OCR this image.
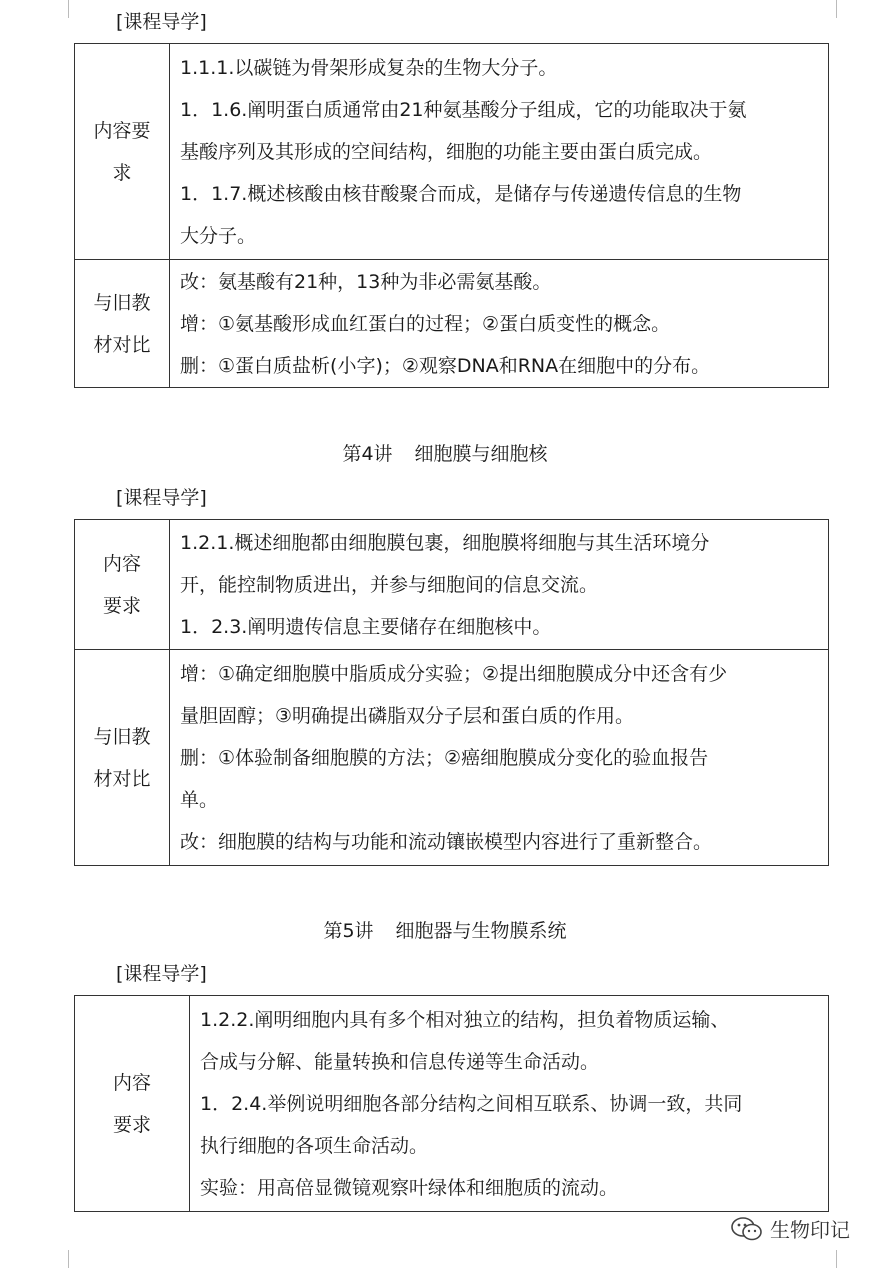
[课程导学]
内容要求	1.1.1.以碳链为骨架形成复杂的生物大分子。
1．1.6.阐明蛋白质通常由21种氨基酸分子组成，它的功能取决于氨
基酸序列及其形成的空间结构，细胞的功能主要由蛋白质完成。
1．1.7.概述核酸由核苷酸聚合而成，是储存与传递遗传信息的生物
大分子。

与旧教材对比	改：氨基酸有21种，13种为非必需氨基酸。
增：①氨基酸形成血红蛋白的过程；②蛋白质变性的概念。
删：①蛋白质盐析(小字)；②观察DNA和RNA在细胞中的分布。
第4讲 细胞膜与细胞核
[课程导学]
内容要求	1.2.1.概述细胞都由细胞膜包裹，细胞膜将细胞与其生活环境分
开，能控制物质进出，并参与细胞间的信息交流。
1．2.3.阐明遗传信息主要储存在细胞核中。

与旧教材对比	增：①确定细胞膜中脂质成分实验；②提出细胞膜成分中还含有少
量胆固醇；③明确提出磷脂双分子层和蛋白质的作用。
删：①体验制备细胞膜的方法；②癌细胞膜成分变化的验血报告
单。
改：细胞膜的结构与功能和流动镶嵌模型内容进行了重新整合。
第5讲 细胞器与生物膜系统
[课程导学]
内容要求	
1.2.2.阐明细胞内具有多个相对独立的结构，担负着物质运输、
合成与分解、能量转换和信息传递等生命活动。
1．2.4.举例说明细胞各部分结构之间相互联系、协调一致，共同
执行细胞的各项生命活动。
实验：用高倍显微镜观察叶绿体和细胞质的流动。
生物印记
